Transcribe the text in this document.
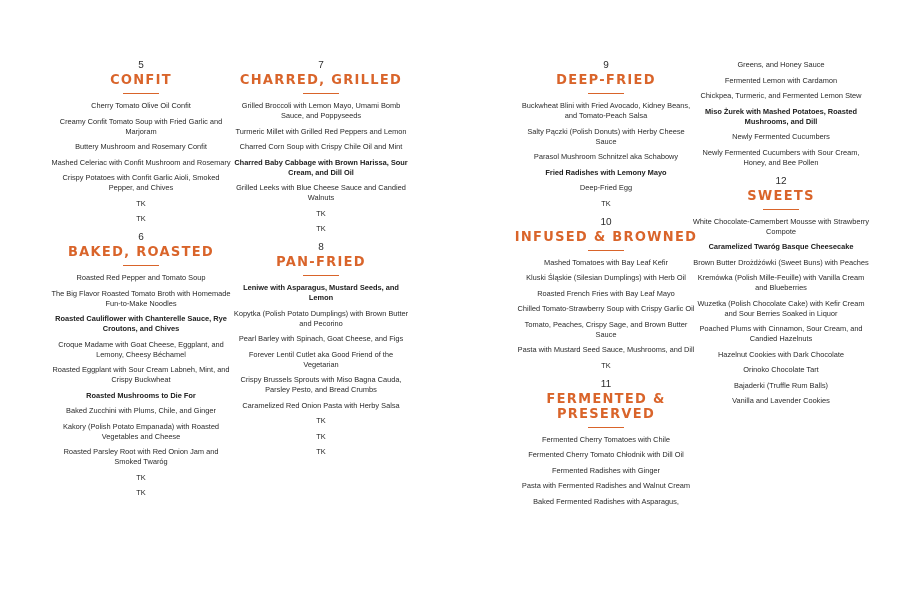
5
CONFIT
Cherry Tomato Olive Oil Confit
Creamy Confit Tomato Soup with Fried Garlic and Marjoram
Buttery Mushroom and Rosemary Confit
Mashed Celeriac with Confit Mushroom and Rosemary
Crispy Potatoes with Confit Garlic Aioli, Smoked Pepper, and Chives
TK
TK
6
BAKED, ROASTED
Roasted Red Pepper and Tomato Soup
The Big Flavor Roasted Tomato Broth with Homemade Fun-to-Make Noodles
Roasted Cauliflower with Chanterelle Sauce, Rye Croutons, and Chives
Croque Madame with Goat Cheese, Eggplant, and Lemony, Cheesy Béchamel
Roasted Eggplant with Sour Cream Labneh, Mint, and Crispy Buckwheat
Roasted Mushrooms to Die For
Baked Zucchini with Plums, Chile, and Ginger
Kakory (Polish Potato Empanada) with Roasted Vegetables and Cheese
Roasted Parsley Root with Red Onion Jam and Smoked Twaróg
TK
TK
7
CHARRED, GRILLED
Grilled Broccoli with Lemon Mayo, Umami Bomb Sauce, and Poppyseeds
Turmeric Millet with Grilled Red Peppers and Lemon
Charred Corn Soup with Crispy Chile Oil and Mint
Charred Baby Cabbage with Brown Harissa, Sour Cream, and Dill Oil
Grilled Leeks with Blue Cheese Sauce and Candied Walnuts
TK
TK
8
PAN-FRIED
Leniwe with Asparagus, Mustard Seeds, and Lemon
Kopytka (Polish Potato Dumplings) with Brown Butter and Pecorino
Pearl Barley with Spinach, Goat Cheese, and Figs
Forever Lentil Cutlet aka Good Friend of the Vegetarian
Crispy Brussels Sprouts with Miso Bagna Cauda, Parsley Pesto, and Bread Crumbs
Caramelized Red Onion Pasta with Herby Salsa
TK
TK
TK
9
DEEP-FRIED
Buckwheat Blini with Fried Avocado, Kidney Beans, and Tomato-Peach Salsa
Salty Pączki (Polish Donuts) with Herby Cheese Sauce
Parasol Mushroom Schnitzel aka Schabowy
Fried Radishes with Lemony Mayo
Deep-Fried Egg
TK
10
INFUSED & BROWNED
Mashed Tomatoes with Bay Leaf Kefir
Kluski Śląskie (Silesian Dumplings) with Herb Oil
Roasted French Fries with Bay Leaf Mayo
Chilled Tomato-Strawberry Soup with Crispy Garlic Oil
Tomato, Peaches, Crispy Sage, and Brown Butter Sauce
Pasta with Mustard Seed Sauce, Mushrooms, and Dill
TK
11
FERMENTED & PRESERVED
Fermented Cherry Tomatoes with Chile
Fermented Cherry Tomato Chłodnik with Dill Oil
Fermented Radishes with Ginger
Pasta with Fermented Radishes and Walnut Cream
Baked Fermented Radishes with Asparagus,
Greens, and Honey Sauce
Fermented Lemon with Cardamon
Chickpea, Turmeric, and Fermented Lemon Stew
Miso Żurek with Mashed Potatoes, Roasted Mushrooms, and Dill
Newly Fermented Cucumbers
Newly Fermented Cucumbers with Sour Cream, Honey, and Bee Pollen
12
SWEETS
White Chocolate-Camembert Mousse with Strawberry Compote
Caramelized Twaróg Basque Cheesecake
Brown Butter Drożdżówki (Sweet Buns) with Peaches
Kremówka (Polish Mille-Feuille) with Vanilla Cream and Blueberries
Wuzetka (Polish Chocolate Cake) with Kefir Cream and Sour Berries Soaked in Liquor
Poached Plums with Cinnamon, Sour Cream, and Candied Hazelnuts
Hazelnut Cookies with Dark Chocolate
Orinoko Chocolate Tart
Bajaderki (Truffle Rum Balls)
Vanilla and Lavender Cookies
